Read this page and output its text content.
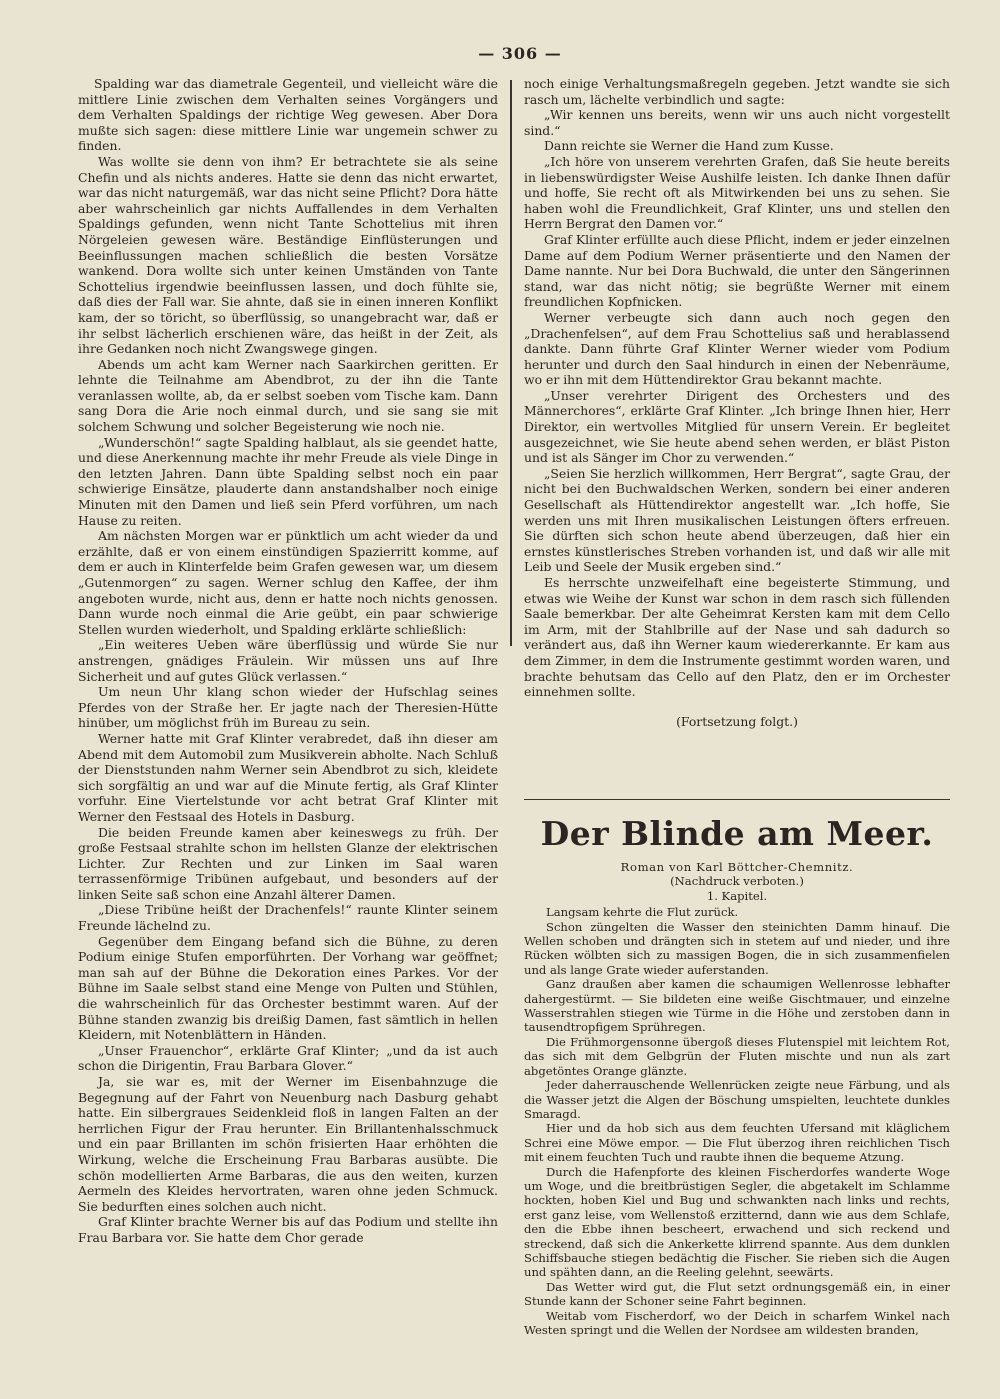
— 306 —

Spalding war das diametrale Gegenteil, und vielleicht wäre die mittlere Linie zwischen dem Verhalten seines Vorgängers und dem Verhalten Spaldings der richtige Weg gewesen. Aber Dora mußte sich sagen: diese mittlere Linie war ungemein schwer zu finden.

Was wollte sie denn von ihm? Er betrachtete sie als seine Chefin und als nichts anderes. Hatte sie denn das nicht erwartet, war das nicht naturgemäß, war das nicht seine Pflicht? Dora hätte aber wahrscheinlich gar nichts Auffallendes in dem Verhalten Spaldings gefunden, wenn nicht Tante Schottelius mit ihren Nörgeleien gewesen wäre. Beständige Einflüsterungen und Beeinflussungen machen schließlich die besten Vorsätze wankend. Dora wollte sich unter keinen Umständen von Tante Schottelius irgendwie beeinflussen lassen, und doch fühlte sie, daß dies der Fall war. Sie ahnte, daß sie in einen inneren Konflikt kam, der so töricht, so überflüssig, so unangebracht war, daß er ihr selbst lächerlich erschienen wäre, das heißt in der Zeit, als ihre Gedanken noch nicht Zwangswege gingen.

Abends um acht kam Werner nach Saarkirchen geritten. Er lehnte die Teilnahme am Abendbrot, zu der ihn die Tante veranlassen wollte, ab, da er selbst soeben vom Tische kam. Dann sang Dora die Arie noch einmal durch, und sie sang sie mit solchem Schwung und solcher Begeisterung wie noch nie.

„Wunderschön!“ sagte Spalding halblaut, als sie geendet hatte, und diese Anerkennung machte ihr mehr Freude als viele Dinge in den letzten Jahren. Dann übte Spalding selbst noch ein paar schwierige Einsätze, plauderte dann anstandshalber noch einige Minuten mit den Damen und ließ sein Pferd vorführen, um nach Hause zu reiten.

Am nächsten Morgen war er pünktlich um acht wieder da und erzählte, daß er von einem einstündigen Spazierritt komme, auf dem er auch in Klinterfelde beim Grafen gewesen war, um diesem „Gutenmorgen“ zu sagen. Werner schlug den Kaffee, der ihm angeboten wurde, nicht aus, denn er hatte noch nichts genossen. Dann wurde noch einmal die Arie geübt, ein paar schwierige Stellen wurden wiederholt, und Spalding erklärte schließlich:

„Ein weiteres Ueben wäre überflüssig und würde Sie nur anstrengen, gnädiges Fräulein. Wir müssen uns auf Ihre Sicherheit und auf gutes Glück verlassen.“

Um neun Uhr klang schon wieder der Hufschlag seines Pferdes von der Straße her. Er jagte nach der Theresien-Hütte hinüber, um möglichst früh im Bureau zu sein.

Werner hatte mit Graf Klinter verabredet, daß ihn dieser am Abend mit dem Automobil zum Musikverein abholte. Nach Schluß der Dienststunden nahm Werner sein Abendbrot zu sich, kleidete sich sorgfältig an und war auf die Minute fertig, als Graf Klinter vorfuhr. Eine Viertelstunde vor acht betrat Graf Klinter mit Werner den Festsaal des Hotels in Dasburg.

Die beiden Freunde kamen aber keineswegs zu früh. Der große Festsaal strahlte schon im hellsten Glanze der elektrischen Lichter. Zur Rechten und zur Linken im Saal waren terrassenförmige Tribünen aufgebaut, und besonders auf der linken Seite saß schon eine Anzahl älterer Damen.

„Diese Tribüne heißt der Drachenfels!“ raunte Klinter seinem Freunde lächelnd zu.

Gegenüber dem Eingang befand sich die Bühne, zu deren Podium einige Stufen emporführten. Der Vorhang war geöffnet; man sah auf der Bühne die Dekoration eines Parkes. Vor der Bühne im Saale selbst stand eine Menge von Pulten und Stühlen, die wahrscheinlich für das Orchester bestimmt waren. Auf der Bühne standen zwanzig bis dreißig Damen, fast sämtlich in hellen Kleidern, mit Notenblättern in Händen.

„Unser Frauenchor“, erklärte Graf Klinter; „und da ist auch schon die Dirigentin, Frau Barbara Glover.“

Ja, sie war es, mit der Werner im Eisenbahnzuge die Begegnung auf der Fahrt von Neuenburg nach Dasburg gehabt hatte. Ein silbergraues Seidenkleid floß in langen Falten an der herrlichen Figur der Frau herunter. Ein Brillantenhalsschmuck und ein paar Brillanten im schön frisierten Haar erhöhten die Wirkung, welche die Erscheinung Frau Barbaras ausübte. Die schön modellierten Arme Barbaras, die aus den weiten, kurzen Aermeln des Kleides hervortraten, waren ohne jeden Schmuck. Sie bedurften eines solchen auch nicht.

Graf Klinter brachte Werner bis auf das Podium und stellte ihn Frau Barbara vor. Sie hatte dem Chor gerade

noch einige Verhaltungsmaßregeln gegeben. Jetzt wandte sie sich rasch um, lächelte verbindlich und sagte:

„Wir kennen uns bereits, wenn wir uns auch nicht vorgestellt sind.“

Dann reichte sie Werner die Hand zum Kusse.

„Ich höre von unserem verehrten Grafen, daß Sie heute bereits in liebenswürdigster Weise Aushilfe leisten. Ich danke Ihnen dafür und hoffe, Sie recht oft als Mitwirkenden bei uns zu sehen. Sie haben wohl die Freundlichkeit, Graf Klinter, uns und stellen den Herrn Bergrat den Damen vor.“

Graf Klinter erfüllte auch diese Pflicht, indem er jeder einzelnen Dame auf dem Podium Werner präsentierte und den Namen der Dame nannte. Nur bei Dora Buchwald, die unter den Sängerinnen stand, war das nicht nötig; sie begrüßte Werner mit einem freundlichen Kopfnicken.

Werner verbeugte sich dann auch noch gegen den „Drachenfelsen“, auf dem Frau Schottelius saß und herablassend dankte. Dann führte Graf Klinter Werner wieder vom Podium herunter und durch den Saal hindurch in einen der Nebenräume, wo er ihn mit dem Hüttendirektor Grau bekannt machte.

„Unser verehrter Dirigent des Orchesters und des Männerchores“, erklärte Graf Klinter. „Ich bringe Ihnen hier, Herr Direktor, ein wertvolles Mitglied für unsern Verein. Er begleitet ausgezeichnet, wie Sie heute abend sehen werden, er bläst Piston und ist als Sänger im Chor zu verwenden.“

„Seien Sie herzlich willkommen, Herr Bergrat“, sagte Grau, der nicht bei den Buchwaldschen Werken, sondern bei einer anderen Gesellschaft als Hüttendirektor angestellt war. „Ich hoffe, Sie werden uns mit Ihren musikalischen Leistungen öfters erfreuen. Sie dürften sich schon heute abend überzeugen, daß hier ein ernstes künstlerisches Streben vorhanden ist, und daß wir alle mit Leib und Seele der Musik ergeben sind.“

Es herrschte unzweifelhaft eine begeisterte Stimmung, und etwas wie Weihe der Kunst war schon in dem rasch sich füllenden Saale bemerkbar. Der alte Geheimrat Kersten kam mit dem Cello im Arm, mit der Stahlbrille auf der Nase und sah dadurch so verändert aus, daß ihn Werner kaum wiedererkannte. Er kam aus dem Zimmer, in dem die Instrumente gestimmt worden waren, und brachte behutsam das Cello auf den Platz, den er im Orchester einnehmen sollte.

(Fortsetzung folgt.)
Der Blinde am Meer.

Roman von Karl Böttcher-Chemnitz.

(Nachdruck verboten.)

1. Kapitel.

Langsam kehrte die Flut zurück.

Schon züngelten die Wasser den steinichten Damm hinauf. Die Wellen schoben und drängten sich in stetem auf und nieder, und ihre Rücken wölbten sich zu massigen Bogen, die in sich zusammenfielen und als lange Grate wieder auferstanden.

Ganz draußen aber kamen die schaumigen Wellenrosse lebhafter dahergestürmt. — Sie bildeten eine weiße Gischtmauer, und einzelne Wasserstrahlen stiegen wie Türme in die Höhe und zerstoben dann in tausendtropfigem Sprühregen.

Die Frühmorgensonne übergoß dieses Flutenspiel mit leichtem Rot, das sich mit dem Gelbgrün der Fluten mischte und nun als zart abgetöntes Orange glänzte.

Jeder daherrauschende Wellenrücken zeigte neue Färbung, und als die Wasser jetzt die Algen der Böschung umspielten, leuchtete dunkles Smaragd.

Hier und da hob sich aus dem feuchten Ufersand mit kläglichem Schrei eine Möwe empor. — Die Flut überzog ihren reichlichen Tisch mit einem feuchten Tuch und raubte ihnen die bequeme Atzung.

Durch die Hafenpforte des kleinen Fischerdorfes wanderte Woge um Woge, und die breitbrüstigen Segler, die abgetakelt im Schlamme hockten, hoben Kiel und Bug und schwankten nach links und rechts, erst ganz leise, vom Wellenstoß erzitternd, dann wie aus dem Schlafe, den die Ebbe ihnen bescheert, erwachend und sich reckend und streckend, daß sich die Ankerkette klirrend spannte. Aus dem dunklen Schiffsbauche stiegen bedächtig die Fischer. Sie rieben sich die Augen und spähten dann, an die Reeling gelehnt, seewärts.

Das Wetter wird gut, die Flut setzt ordnungsgemäß ein, in einer Stunde kann der Schoner seine Fahrt beginnen.

Weitab vom Fischerdorf, wo der Deich in scharfem Winkel nach Westen springt und die Wellen der Nordsee am wildesten branden,
